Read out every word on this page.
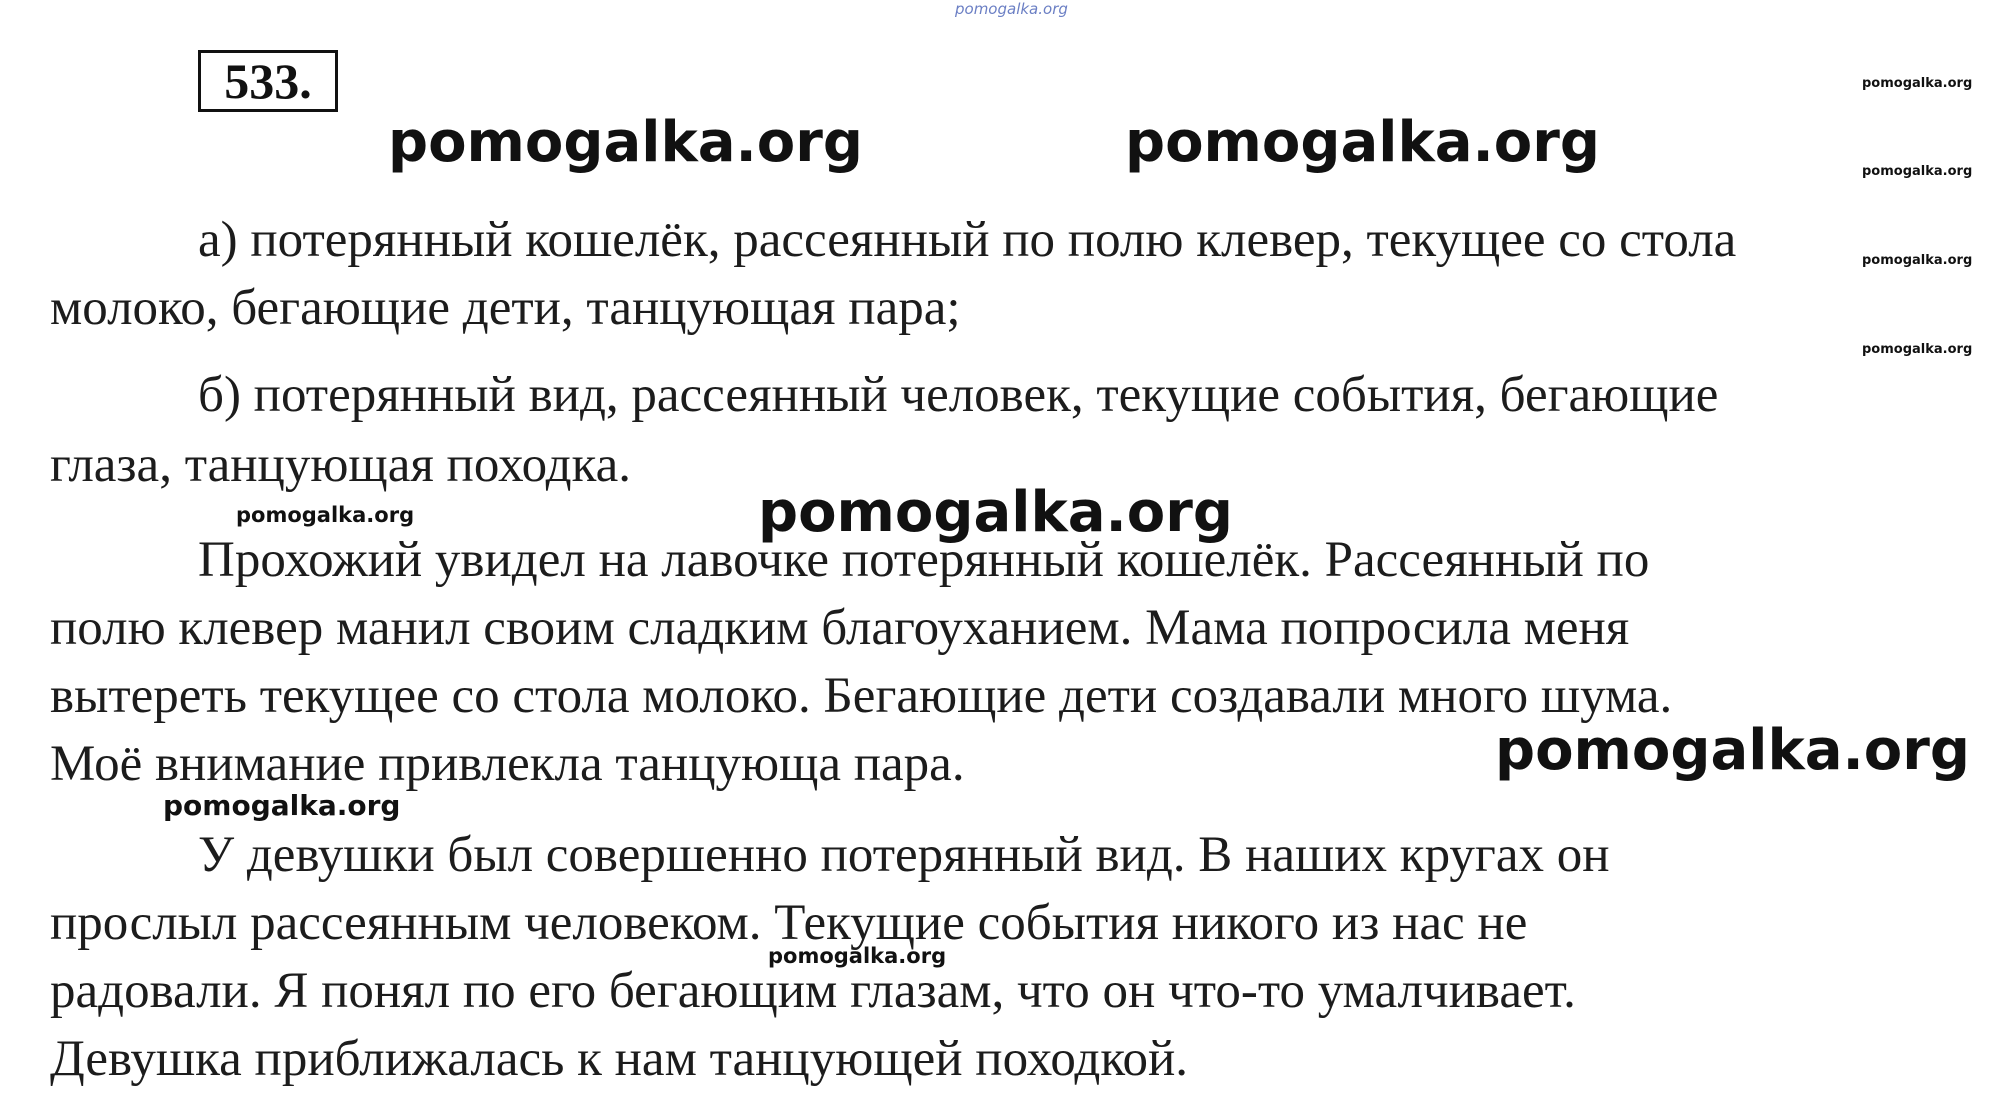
pomogalka.org
533.	pomogalka.org
pomogalka.org	pomogalka.org	pomogalka.org

а) потерянный кошелёк, рассеянный по полю клевер, текущее со стола	pomogalka.org

молоко, бегающие дети, танцующая пара;

pomogalka.org

б) потерянный вид, рассеянный человек, текущие события, бегающие

глаза, танцующая походка.

pomogalka.org	pomogalka.org

Прохожий увидел на лавочке потерянный кошелёк. Рассеянный по

полю клевер манил своим сладким благоуханием. Мама попросила меня

вытереть текущее со стола молоко. Бегающие дети создавали много шума.

pomogalka.org

Моё внимание привлекла танцующа пара.

pomogalka.org

У девушки был совершенно потерянный вид. В наших кругах он

прослыл рассеянным человеком. Текущие события никого из нас не

pomogalka.org

радовали. Я понял по его бегающим глазам, что он что-то умалчивает.

Девушка приближалась к нам танцующей походкой.
